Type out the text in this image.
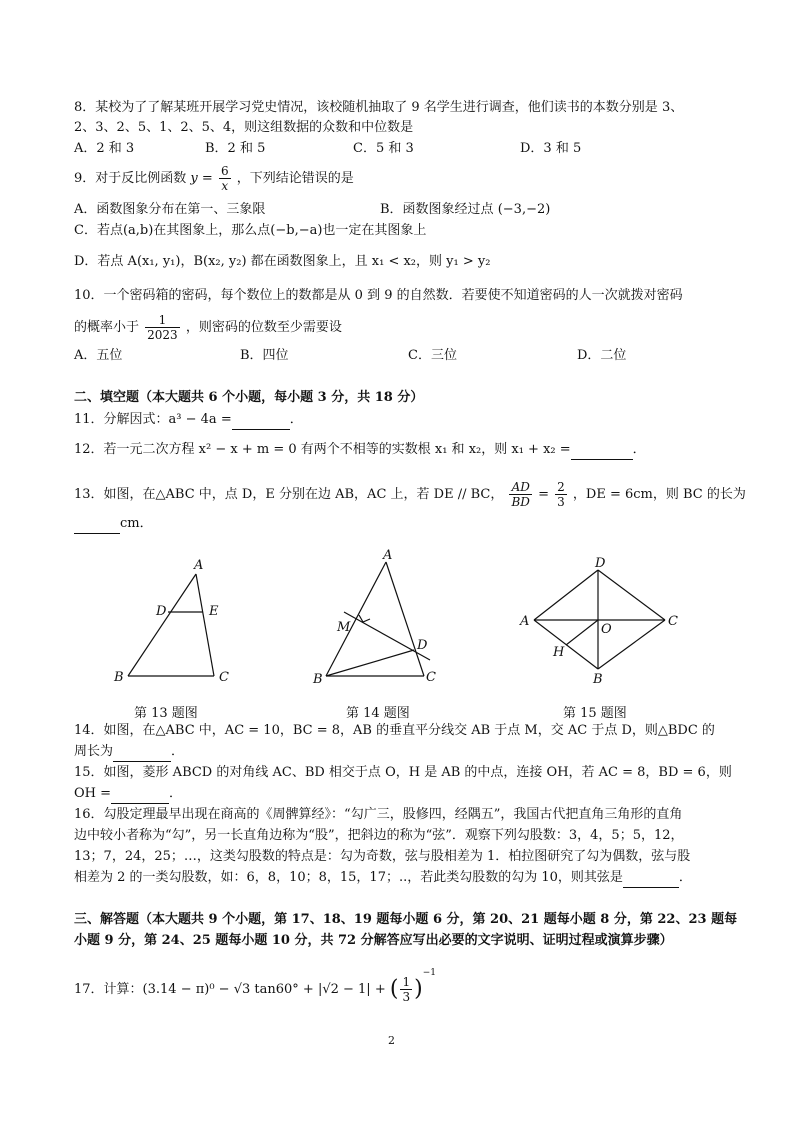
8．某校为了了解某班开展学习党史情况，该校随机抽取了 9 名学生进行调查，他们读书的本数分别是 3、
2、3、2、5、1、2、5、4，则这组数据的众数和中位数是
A．2 和 3	B．2 和 5	C．5 和 3	D．3 和 5
9．对于反比例函数 $y = \frac{6}{x}$ ，下列结论错误的是
A．函数图象分布在第一、三象限	B．函数图象经过点 (−3,−2)
C．若点(a,b)在其图象上，那么点(−b,−a)也一定在其图象上
D．若点 A(x₁, y₁)，B(x₂, y₂) 都在函数图象上，且 x₁ < x₂，则 y₁ > y₂
10．一个密码箱的密码，每个数位上的数都是从 0 到 9 的自然数．若要使不知道密码的人一次就拨对密码
的概率小于 $\frac{1}{2023}$ ，则密码的位数至少需要设
A．五位	B．四位	C．三位	D．二位
二、填空题（本大题共 6 个小题，每小题 3 分，共 18 分）
11．分解因式：a³ − 4a =	．
12．若一元二次方程 x² − x + m = 0 有两个不相等的实数根 x₁ 和 x₂，则 x₁ + x₂ =	．
13．如图，在△ABC 中，点 D，E 分别在边 AB，AC 上，若 DE // BC， $\frac{AD}{BD} = \frac{2}{3}$ ，DE = 6cm，则 BC 的长为
cm．
A
D	E
B	C
A
M
D
B	C
D
A	C
O
H
B
第 13 题图	第 14 题图	第 15 题图
14．如图，在△ABC 中，AC = 10，BC = 8，AB 的垂直平分线交 AB 于点 M，交 AC 于点 D，则△BDC 的
周长为	．
15．如图，菱形 ABCD 的对角线 AC、BD 相交于点 O，H 是 AB 的中点，连接 OH，若 AC = 8，BD = 6，则
OH =	．
16．勾股定理最早出现在商高的《周髀算经》：“勾广三，股修四，经隅五”，我国古代把直角三角形的直角
边中较小者称为“勾”，另一长直角边称为“股”，把斜边的称为“弦”．观察下列勾股数：3，4，5；5，12，
13；7，24，25；…，这类勾股数的特点是：勾为奇数，弦与股相差为 1．柏拉图研究了勾为偶数，弦与股
相差为 2 的一类勾股数，如：6，8，10；8，15，17；..，若此类勾股数的勾为 10，则其弦是	．
三、解答题（本大题共 9 个小题，第 17、18、19 题每小题 6 分，第 20、21 题每小题 8 分，第 22、23 题每
小题 9 分，第 24、25 题每小题 10 分，共 72 分解答应写出必要的文字说明、证明过程或演算步骤）
17．计算：(3.14 − π)⁰ − √3 tan60° + |√2 − 1| + ( $\frac{1}{3} )^{-1}$
2
